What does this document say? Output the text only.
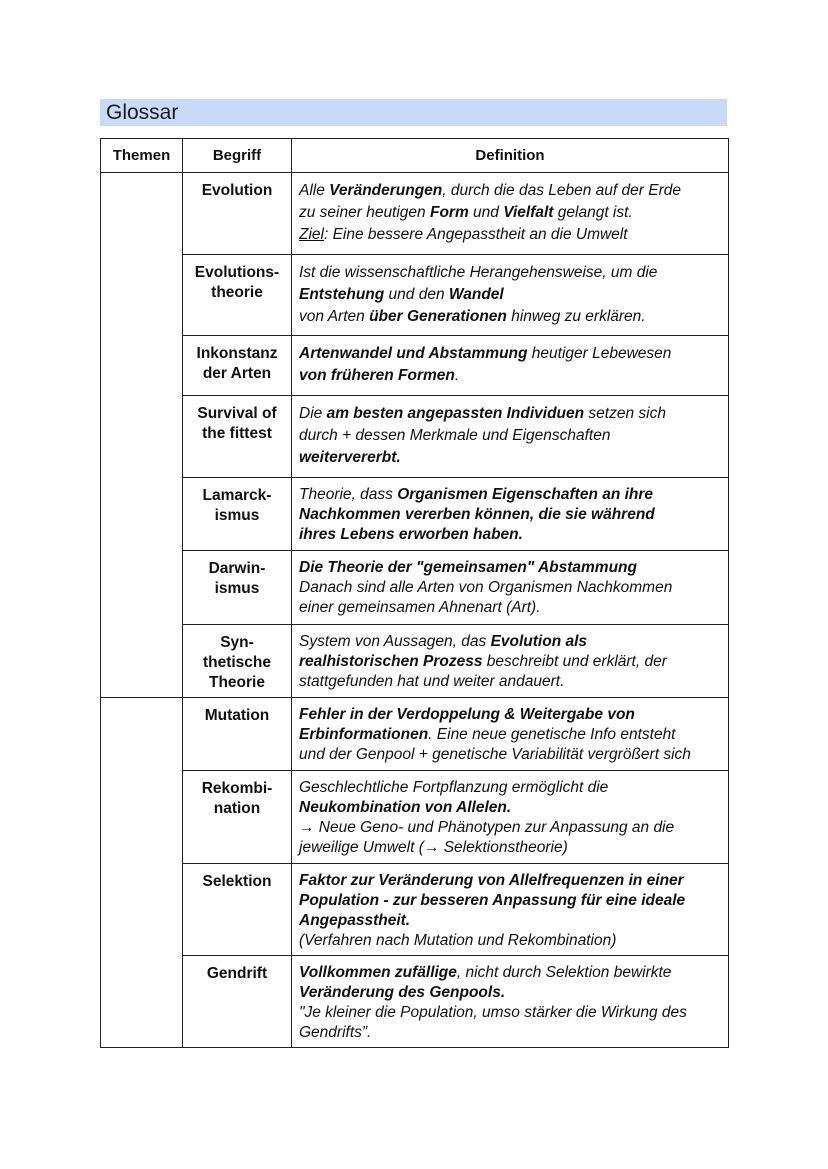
Glossar
Themen	Begriff	Definition

	Evolution	Alle Veränderungen, durch die das Leben auf der Erde
zu seiner heutigen Form und Vielfalt gelangt ist.
Ziel: Eine bessere Angepasstheit an die Umwelt

	Evolutions-
theorie	Ist die wissenschaftliche Herangehensweise, um die
Entstehung und den Wandel
von Arten über Generationen hinweg zu erklären.

	Inkonstanz
der Arten	Artenwandel und Abstammung heutiger Lebewesen
von früheren Formen.

	Survival of
the fittest	Die am besten angepassten Individuen setzen sich
durch + dessen Merkmale und Eigenschaften
weitervererbt.

	Lamarck-
ismus	Theorie, dass Organismen Eigenschaften an ihre
Nachkommen vererben können, die sie während
ihres Lebens erworben haben.

	Darwin-
ismus	Die Theorie der "gemeinsamen" Abstammung
Danach sind alle Arten von Organismen Nachkommen
einer gemeinsamen Ahnenart (Art).

	Syn-
thetische
Theorie	System von Aussagen, das Evolution als
realhistorischen Prozess beschreibt und erklärt, der
stattgefunden hat und weiter andauert.

	Mutation	Fehler in der Verdoppelung & Weitergabe von
Erbinformationen. Eine neue genetische Info entsteht
und der Genpool + genetische Variabilität vergrößert sich

	Rekombi-
nation	Geschlechtliche Fortpflanzung ermöglicht die
Neukombination von Allelen.
→ Neue Geno- und Phänotypen zur Anpassung an die
jeweilige Umwelt (→ Selektionstheorie)

	Selektion	Faktor zur Veränderung von Allelfrequenzen in einer
Population - zur besseren Anpassung für eine ideale
Angepasstheit.
(Verfahren nach Mutation und Rekombination)

	Gendrift	Vollkommen zufällige, nicht durch Selektion bewirkte
Veränderung des Genpools.
"Je kleiner die Population, umso stärker die Wirkung des
Gendrifts”.
